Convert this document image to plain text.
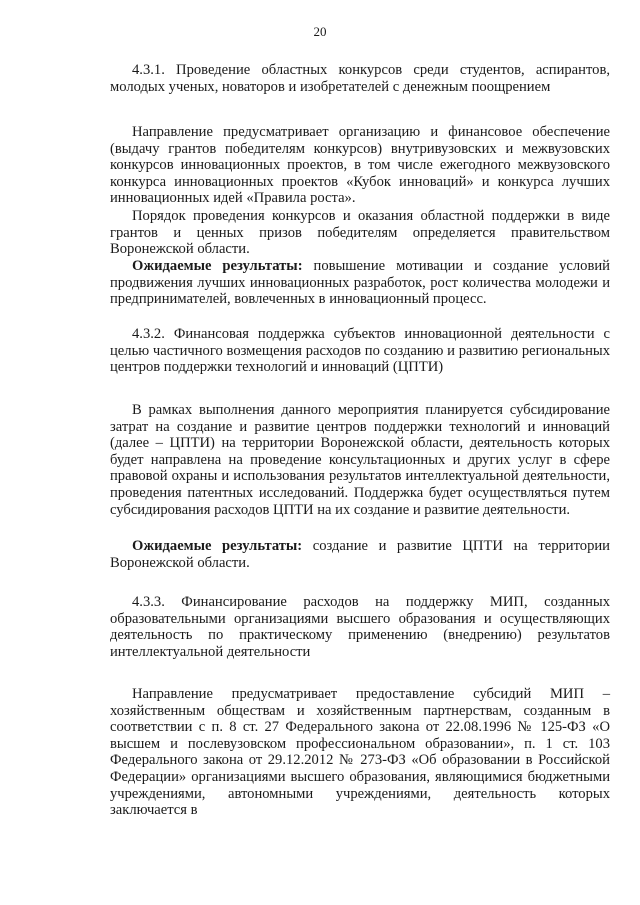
20

4.3.1. Проведение областных конкурсов среди студентов, аспирантов, молодых ученых, новаторов и изобретателей с денежным поощрением

Направление предусматривает организацию и финансовое обеспечение (выдачу грантов победителям конкурсов) внутривузовских и межвузовских конкурсов инновационных проектов, в том числе ежегодного межвузовского конкурса инновационных проектов «Кубок инноваций» и конкурса лучших инновационных идей «Правила роста».

Порядок проведения конкурсов и оказания областной поддержки в виде грантов и ценных призов победителям определяется правительством Воронежской области.

Ожидаемые результаты: повышение мотивации и создание условий продвижения лучших инновационных разработок, рост количества молодежи и предпринимателей, вовлеченных в инновационный процесс.

4.3.2. Финансовая поддержка субъектов инновационной деятельности с целью частичного возмещения расходов по созданию и развитию региональных центров поддержки технологий и инноваций (ЦПТИ)

В рамках выполнения данного мероприятия планируется субсидирование затрат на создание и развитие центров поддержки технологий и инноваций (далее – ЦПТИ) на территории Воронежской области, деятельность которых будет направлена на проведение консультационных и других услуг в сфере правовой охраны и использования результатов интеллектуальной деятельности, проведения патентных исследований. Поддержка будет осуществляться путем субсидирования расходов ЦПТИ на их создание и развитие деятельности.

Ожидаемые результаты: создание и развитие ЦПТИ на территории Воронежской области.

4.3.3. Финансирование расходов на поддержку МИП, созданных образовательными организациями высшего образования и осуществляющих деятельность по практическому применению (внедрению) результатов интеллектуальной деятельности

Направление предусматривает предоставление субсидий МИП – хозяйственным обществам и хозяйственным партнерствам, созданным в соответствии с п. 8 ст. 27 Федерального закона от 22.08.1996 № 125-ФЗ «О высшем и послевузовском профессиональном образовании», п. 1 ст. 103 Федерального закона от 29.12.2012 № 273-ФЗ «Об образовании в Российской Федерации» организациями высшего образования, являющимися бюджетными учреждениями, автономными учреждениями, деятельность которых заключается в
